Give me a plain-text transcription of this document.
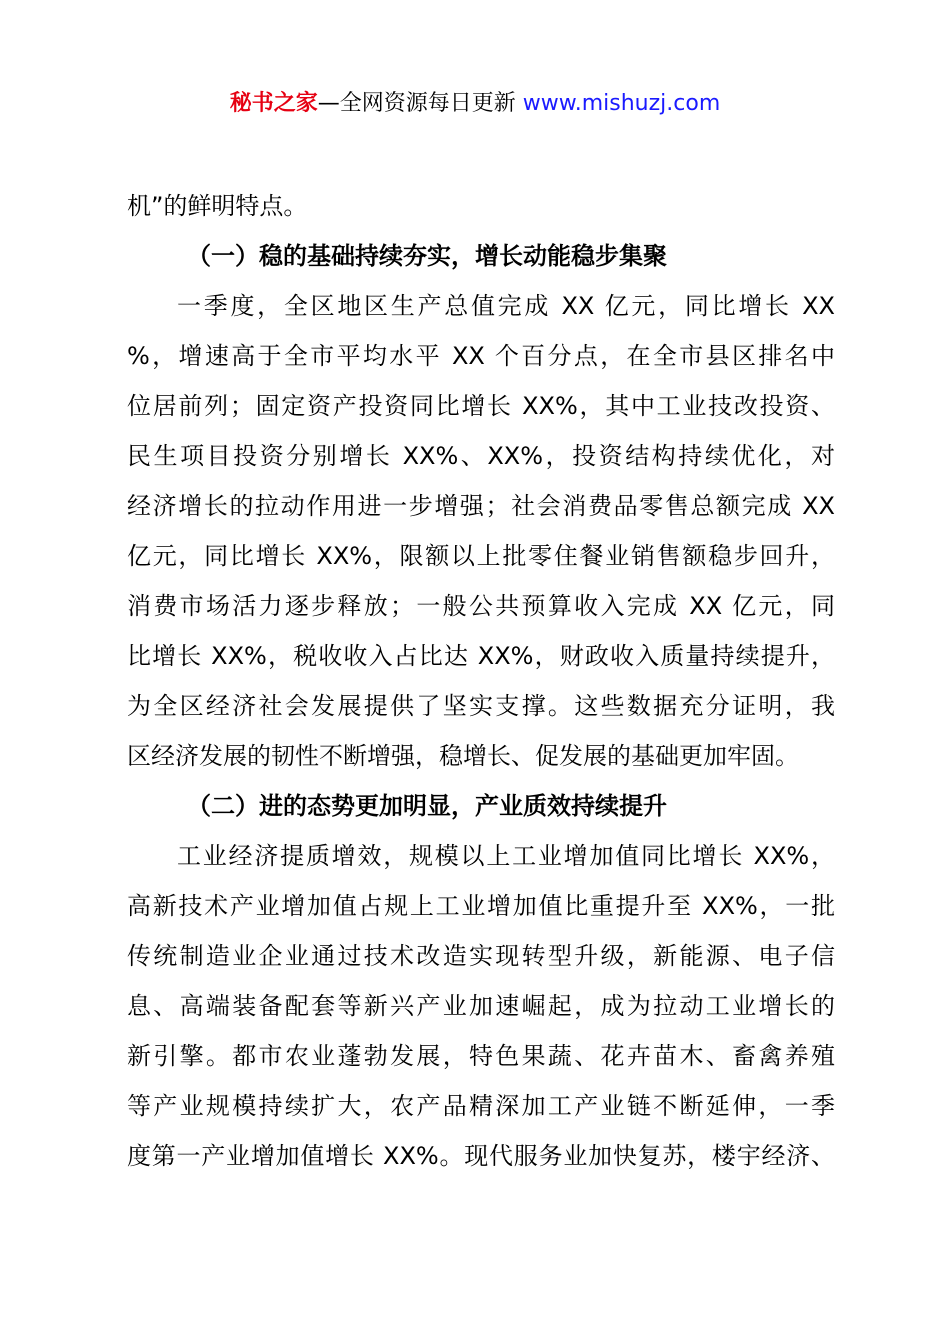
秘书之家—全网资源每日更新 www.mishuzj.com
机”的鲜明特点。
（一）稳的基础持续夯实，增长动能稳步集聚
一季度，全区地区生产总值完成 XX 亿元，同比增长 XX
%，增速高于全市平均水平 XX 个百分点，在全市县区排名中
位居前列；固定资产投资同比增长 XX%，其中工业技改投资、
民生项目投资分别增长 XX%、XX%，投资结构持续优化，对
经济增长的拉动作用进一步增强；社会消费品零售总额完成 XX
亿元，同比增长 XX%，限额以上批零住餐业销售额稳步回升，
消费市场活力逐步释放；一般公共预算收入完成 XX 亿元，同
比增长 XX%，税收收入占比达 XX%，财政收入质量持续提升，
为全区经济社会发展提供了坚实支撑。这些数据充分证明，我
区经济发展的韧性不断增强，稳增长、促发展的基础更加牢固。
（二）进的态势更加明显，产业质效持续提升
工业经济提质增效，规模以上工业增加值同比增长 XX%，
高新技术产业增加值占规上工业增加值比重提升至 XX%，一批
传统制造业企业通过技术改造实现转型升级，新能源、电子信
息、高端装备配套等新兴产业加速崛起，成为拉动工业增长的
新引擎。都市农业蓬勃发展，特色果蔬、花卉苗木、畜禽养殖
等产业规模持续扩大，农产品精深加工产业链不断延伸，一季
度第一产业增加值增长 XX%。现代服务业加快复苏，楼宇经济、
